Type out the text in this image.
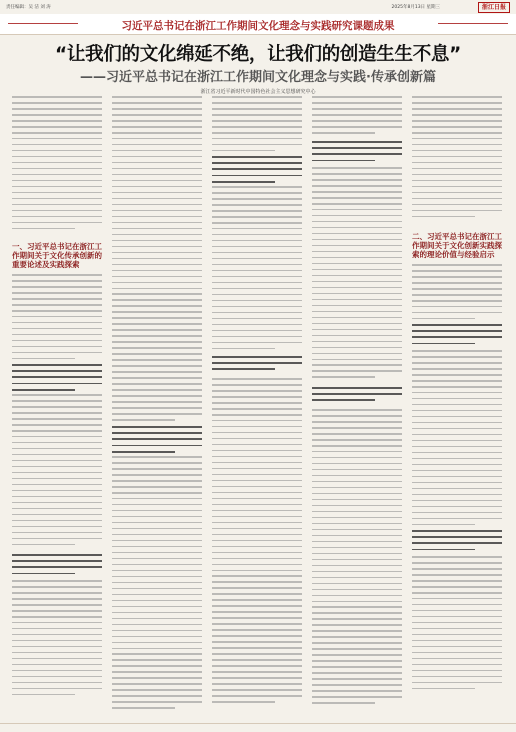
责任编辑：吴 洁 刘 涛	2025年8月13日 星期三	浙江日报
习近平总书记在浙江工作期间文化理念与实践研究课题成果
“让我们的文化绵延不绝，让我们的创造生生不息”
——习近平总书记在浙江工作期间文化理念与实践·传承创新篇
浙江省习近平新时代中国特色社会主义思想研究中心
一、习近平总书记在浙江工作期间关于文化传承创新的重要论述及实践探索
二、习近平总书记在浙江工作期间关于文化创新实践探索的理论价值与经验启示
